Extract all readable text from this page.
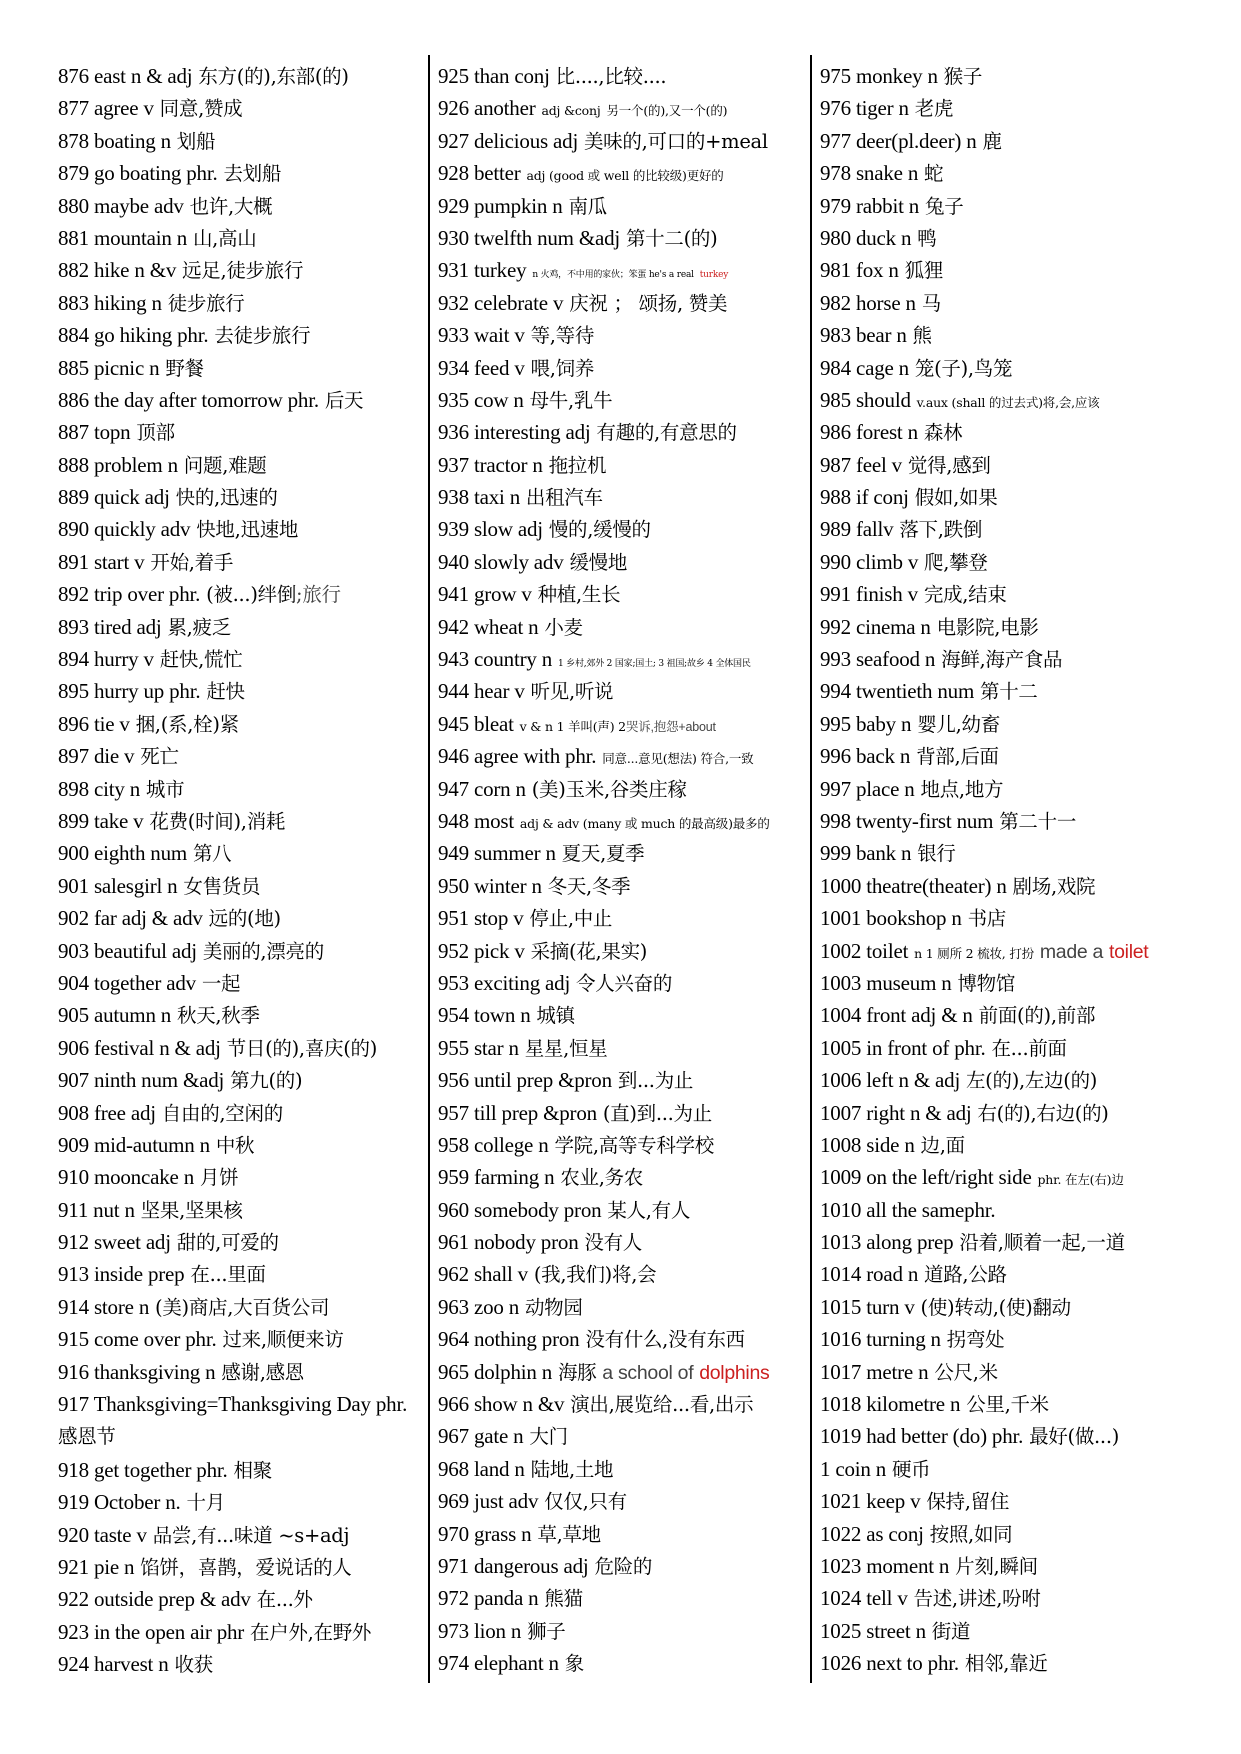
876 east n & adj 东方(的),东部(的)
877 agree v 同意,赞成
878 boating n 划船
879 go boating phr. 去划船
880 maybe adv 也许,大概
881 mountain n 山,高山
882 hike n &v 远足,徒步旅行
883 hiking n 徒步旅行
884 go hiking phr. 去徒步旅行
885 picnic n 野餐
886 the day after tomorrow phr. 后天
887 topn 顶部
888 problem n 问题,难题
889 quick adj 快的,迅速的
890 quickly adv 快地,迅速地
891 start v 开始,着手
892 trip over phr. (被...)绊倒;旅行
893 tired adj 累,疲乏
894 hurry v 赶快,慌忙
895 hurry up phr. 赶快
896 tie v 捆,(系,栓)紧
897 die v 死亡
898 city n 城市
899 take v 花费(时间),消耗
900 eighth num 第八
901 salesgirl n 女售货员
902 far adj & adv 远的(地)
903 beautiful adj 美丽的,漂亮的
904 together adv 一起
905 autumn n 秋天,秋季
906 festival n & adj 节日(的),喜庆(的)
907 ninth num &adj 第九(的)
908 free adj 自由的,空闲的
909 mid-autumn n 中秋
910 mooncake n 月饼
911 nut n 坚果,坚果核
912 sweet adj 甜的,可爱的
913 inside prep 在...里面
914 store n (美)商店,大百货公司
915 come over phr. 过来,顺便来访
916 thanksgiving n 感谢,感恩
917 Thanksgiving=Thanksgiving Day phr. 感恩节
918 get together phr. 相聚
919 October n. 十月
920 taste v 品尝,有...味道 ~s+adj
921 pie n 馅饼，喜鹊，爱说话的人
922 outside prep & adv 在...外
923 in the open air phr 在户外,在野外
924 harvest n 收获
925 than conj 比....,比较....
926 another adj &conj 另一个(的),又一个(的)
927 delicious adj 美味的,可口的+meal
928 better adj (good 或 well 的比较级)更好的
929 pumpkin n 南瓜
930 twelfth num &adj 第十二(的)
931 turkey n 火鸡，不中用的家伙；笨蛋 he's a real turkey
932 celebrate v 庆祝 ； 颂扬, 赞美
933 wait v 等,等待
934 feed v 喂,饲养
935 cow n 母牛,乳牛
936 interesting adj 有趣的,有意思的
937 tractor n 拖拉机
938 taxi n 出租汽车
939 slow adj 慢的,缓慢的
940 slowly adv 缓慢地
941 grow v 种植,生长
942 wheat n 小麦
943 country n 1 乡村,郊外 2 国家;国土; 3 祖国;故乡 4 全体国民
944 hear v 听见,听说
945 bleat v & n 1 羊叫(声) 2哭诉,抱怨+about
946 agree with phr. 同意...意见(想法) 符合,一致
947 corn n (美)玉米,谷类庄稼
948 most adj & adv (many 或 much 的最高级)最多的
949 summer n 夏天,夏季
950 winter n 冬天,冬季
951 stop v 停止,中止
952 pick v 采摘(花,果实)
953 exciting adj 令人兴奋的
954 town n 城镇
955 star n 星星,恒星
956 until prep &pron 到...为止
957 till prep &pron (直)到...为止
958 college n 学院,高等专科学校
959 farming n 农业,务农
960 somebody pron 某人,有人
961 nobody pron 没有人
962 shall v (我,我们)将,会
963 zoo n 动物园
964 nothing pron 没有什么,没有东西
965 dolphin n 海豚 a school of dolphins
966 show n &v 演出,展览给...看,出示
967 gate n 大门
968 land n 陆地,土地
969 just adv 仅仅,只有
970 grass n 草,草地
971 dangerous adj 危险的
972 panda n 熊猫
973 lion n 狮子
974 elephant n 象
975 monkey n 猴子
976 tiger n 老虎
977 deer(pl.deer) n 鹿
978 snake n 蛇
979 rabbit n 兔子
980 duck n 鸭
981 fox n 狐狸
982 horse n 马
983 bear n 熊
984 cage n 笼(子),鸟笼
985 should v.aux (shall 的过去式)将,会,应该
986 forest n 森林
987 feel v 觉得,感到
988 if conj 假如,如果
989 fallv 落下,跌倒
990 climb v 爬,攀登
991 finish v 完成,结束
992 cinema n 电影院,电影
993 seafood n 海鲜,海产食品
994 twentieth num 第十二
995 baby n 婴儿,幼畜
996 back n 背部,后面
997 place n 地点,地方
998 twenty-first num 第二十一
999 bank n 银行
1000 theatre(theater) n 剧场,戏院
1001 bookshop n 书店
1002 toilet n 1 厕所 2 梳妆, 打扮 made a toilet
1003 museum n 博物馆
1004 front adj & n 前面(的),前部
1005 in front of phr. 在...前面
1006 left n & adj 左(的),左边(的)
1007 right n & adj 右(的),右边(的)
1008 side n 边,面
1009 on the left/right side phr. 在左(右)边
1010 all the samephr.
1013 along prep 沿着,顺着一起,一道
1014 road n 道路,公路
1015 turn v (使)转动,(使)翻动
1016 turning n 拐弯处
1017 metre n 公尺,米
1018 kilometre n 公里,千米
1019 had better (do) phr. 最好(做...)
1 coin n 硬币
1021 keep v 保持,留住
1022 as conj 按照,如同
1023 moment n 片刻,瞬间
1024 tell v 告述,讲述,吩咐
1025 street n 街道
1026 next to phr. 相邻,靠近
